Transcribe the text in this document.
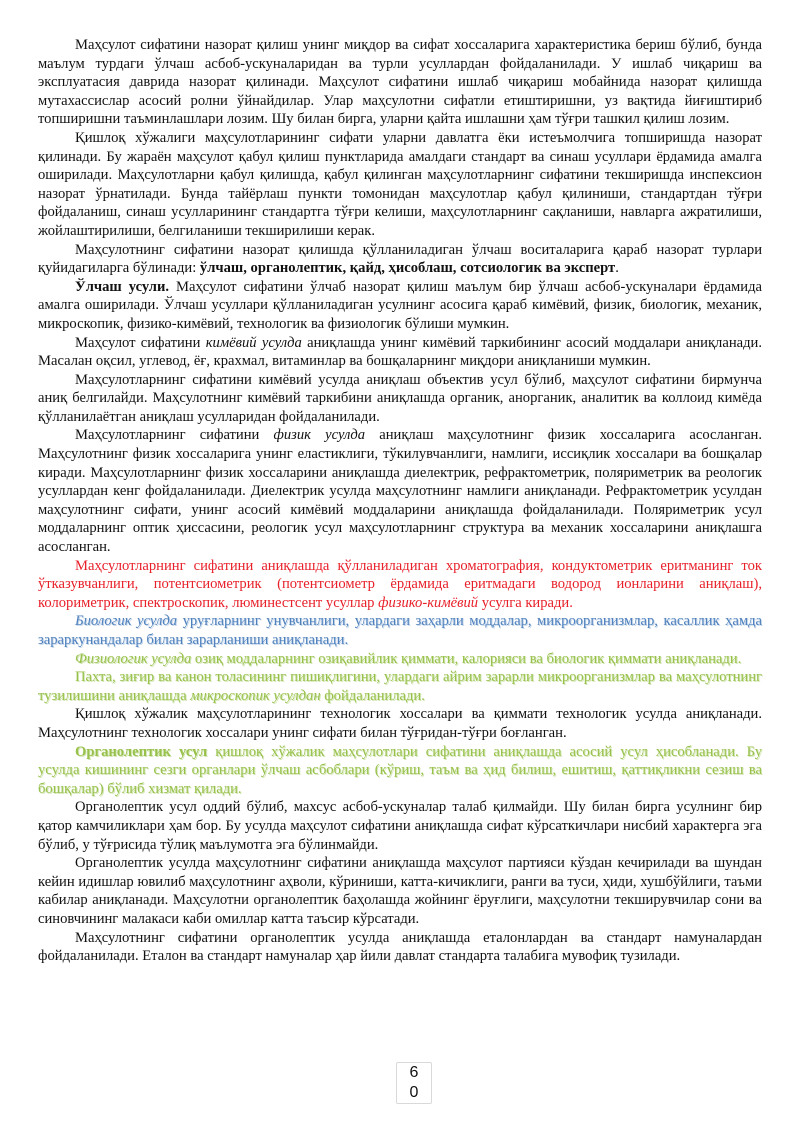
Маҳсулот сифатини назорат қилиш унинг миқдор ва сифат хоссаларига характеристика бериш бўлиб, бунда маълум турдаги ўлчаш асбоб-ускуналаридан ва турли усуллардан фойдаланилади. У ишлаб чиқариш ва эксплуатасия даврида назорат қилинади. Маҳсулот сифатини ишлаб чиқариш мобайнида назорат қилишда мутахассислар асосий ролни ўйнайдилар. Улар маҳсулотни сифатли етиштиришни, уз вақтида йиғиштириб топширишни таъминлашлари лозим. Шу билан бирга, уларни қайта ишлашни ҳам тўғри ташкил қилиш лозим.

Қишлоқ хўжалиги маҳсулотларининг сифати уларни давлатга ёки истеъмолчига топширишда назорат қилинади. Бу жараён маҳсулот қабул қилиш пунктларида амалдаги стандарт ва синаш усуллари ёрдамида амалга оширилади. Маҳсулотларни қабул қилишда, қабул қилинган маҳсулотларнинг сифатини текширишда инспексион назорат ўрнатилади. Бунда тайёрлаш пункти томонидан маҳсулотлар қабул қилиниши, стандартдан тўғри фойдаланиш, синаш усулларининг стандартга тўғри келиши, маҳсулотларнинг сақланиши, навларга ажратилиши, жойлаштирилиши, белгиланиши текширилиши керак.

Маҳсулотнинг сифатини назорат қилишда қўлланиладиган ўлчаш воситаларига қараб назорат турлари қуйидагиларга бўлинади: ўлчаш, органолептик, қайд, ҳисоблаш, сотсиологик ва эксперт.

Ўлчаш усули. Маҳсулот сифатини ўлчаб назорат қилиш маълум бир ўлчаш асбоб-ускуналари ёрдамида амалга оширилади. Ўлчаш усуллари қўлланиладиган усулнинг асосига қараб кимёвий, физик, биологик, механик, микроскопик, физико-кимёвий, технологик ва физиологик бўлиши мумкин.

Маҳсулот сифатини кимёвий усулда аниқлашда унинг кимёвий таркибининг асосий моддалари аниқланади. Масалан оқсил, углевод, ёғ, крахмал, витаминлар ва бошқаларнинг миқдори аниқланиши мумкин.

Маҳсулотларнинг сифатини кимёвий усулда аниқлаш объектив усул бўлиб, маҳсулот сифатини бирмунча аниқ белгилайди. Маҳсулотнинг кимёвий таркибини аниқлашда органик, анорганик, аналитик ва коллоид кимёда қўлланилаётган аниқлаш усулларидан фойдаланилади.

Маҳсулотларнинг сифатини физик усулда аниқлаш маҳсулотнинг физик хоссаларига асосланган. Маҳсулотнинг физик хоссаларига унинг еластиклиги, тўкилувчанлиги, намлиги, иссиқлик хоссалари ва бошқалар киради. Маҳсулотларнинг физик хоссаларини аниқлашда диелектрик, рефрактометрик, поляриметрик ва реологик усуллардан кенг фойдаланилади. Диелектрик усулда маҳсулотнинг намлиги аниқланади. Рефрактометрик усулдан маҳсулотнинг сифати, унинг асосий кимёвий моддаларини аниқлашда фойдаланилади. Поляриметрик усул моддаларнинг оптик ҳиссасини, реологик усул маҳсулотларнинг структура ва механик хоссаларини аниқлашга асосланган.

Маҳсулотларнинг сифатини аниқлашда қўлланиладиган хроматография, кондуктометрик еритманинг ток ўтказувчанлиги, потентсиометрик (потентсиометр ёрдамида еритмадаги водород ионларини аниқлаш), колориметрик, спектроскопик, люминестсент усуллар физико-кимёвий усулга киради.

Биологик усулда уруғларнинг унувчанлиги, улардаги заҳарли моддалар, микроорганизмлар, касаллик ҳамда зараркунандалар билан зарарланиши аниқланади.

Физиологик усулда озиқ моддаларнинг озиқавийлик қиммати, калорияси ва биологик қиммати аниқланади.

Пахта, зиғир ва канон толасининг пишиқлигини, улардаги айрим зарарли микроорганизмлар ва маҳсулотнинг тузилишини аниқлашда микроскопик усулдан фойдаланилади.

Қишлоқ хўжалик маҳсулотларининг технологик хоссалари ва қиммати технологик усулда аниқланади. Маҳсулотнинг технологик хоссалари унинг сифати билан тўғридан-тўғри боғланган.

Органолептик усул қишлоқ хўжалик маҳсулотлари сифатини аниқлашда асосий усул ҳисобланади. Бу усулда кишининг сезги органлари ўлчаш асбоблари (кўриш, таъм ва ҳид билиш, ешитиш, қаттиқликни сезиш ва бошқалар) бўлиб хизмат қилади.

Органолептик усул оддий бўлиб, махсус асбоб-ускуналар талаб қилмайди. Шу билан бирга усулнинг бир қатор камчиликлари ҳам бор. Бу усулда маҳсулот сифатини аниқлашда сифат кўрсаткичлари нисбий характерга эга бўлиб, у тўғрисида тўлиқ маълумотга эга бўлинмайди.

Органолептик усулда маҳсулотнинг сифатини аниқлашда маҳсулот партияси кўздан кечирилади ва шундан кейин идишлар ювилиб маҳсулотнинг аҳволи, кўриниши, катта-кичиклиги, ранги ва туси, ҳиди, хушбўйлиги, таъми кабилар аниқланади. Маҳсулотни органолептик баҳолашда жойнинг ёруғлиги, маҳсулотни текширувчилар сони ва синовчининг малакаси каби омиллар катта таъсир кўрсатади.

Маҳсулотнинг сифатини органолептик усулда аниқлашда еталонлардан ва стандарт намуналардан фойдаланилади. Еталон ва стандарт намуналар ҳар йили давлат стандарта талабига мувофиқ тузилади.

6
0
